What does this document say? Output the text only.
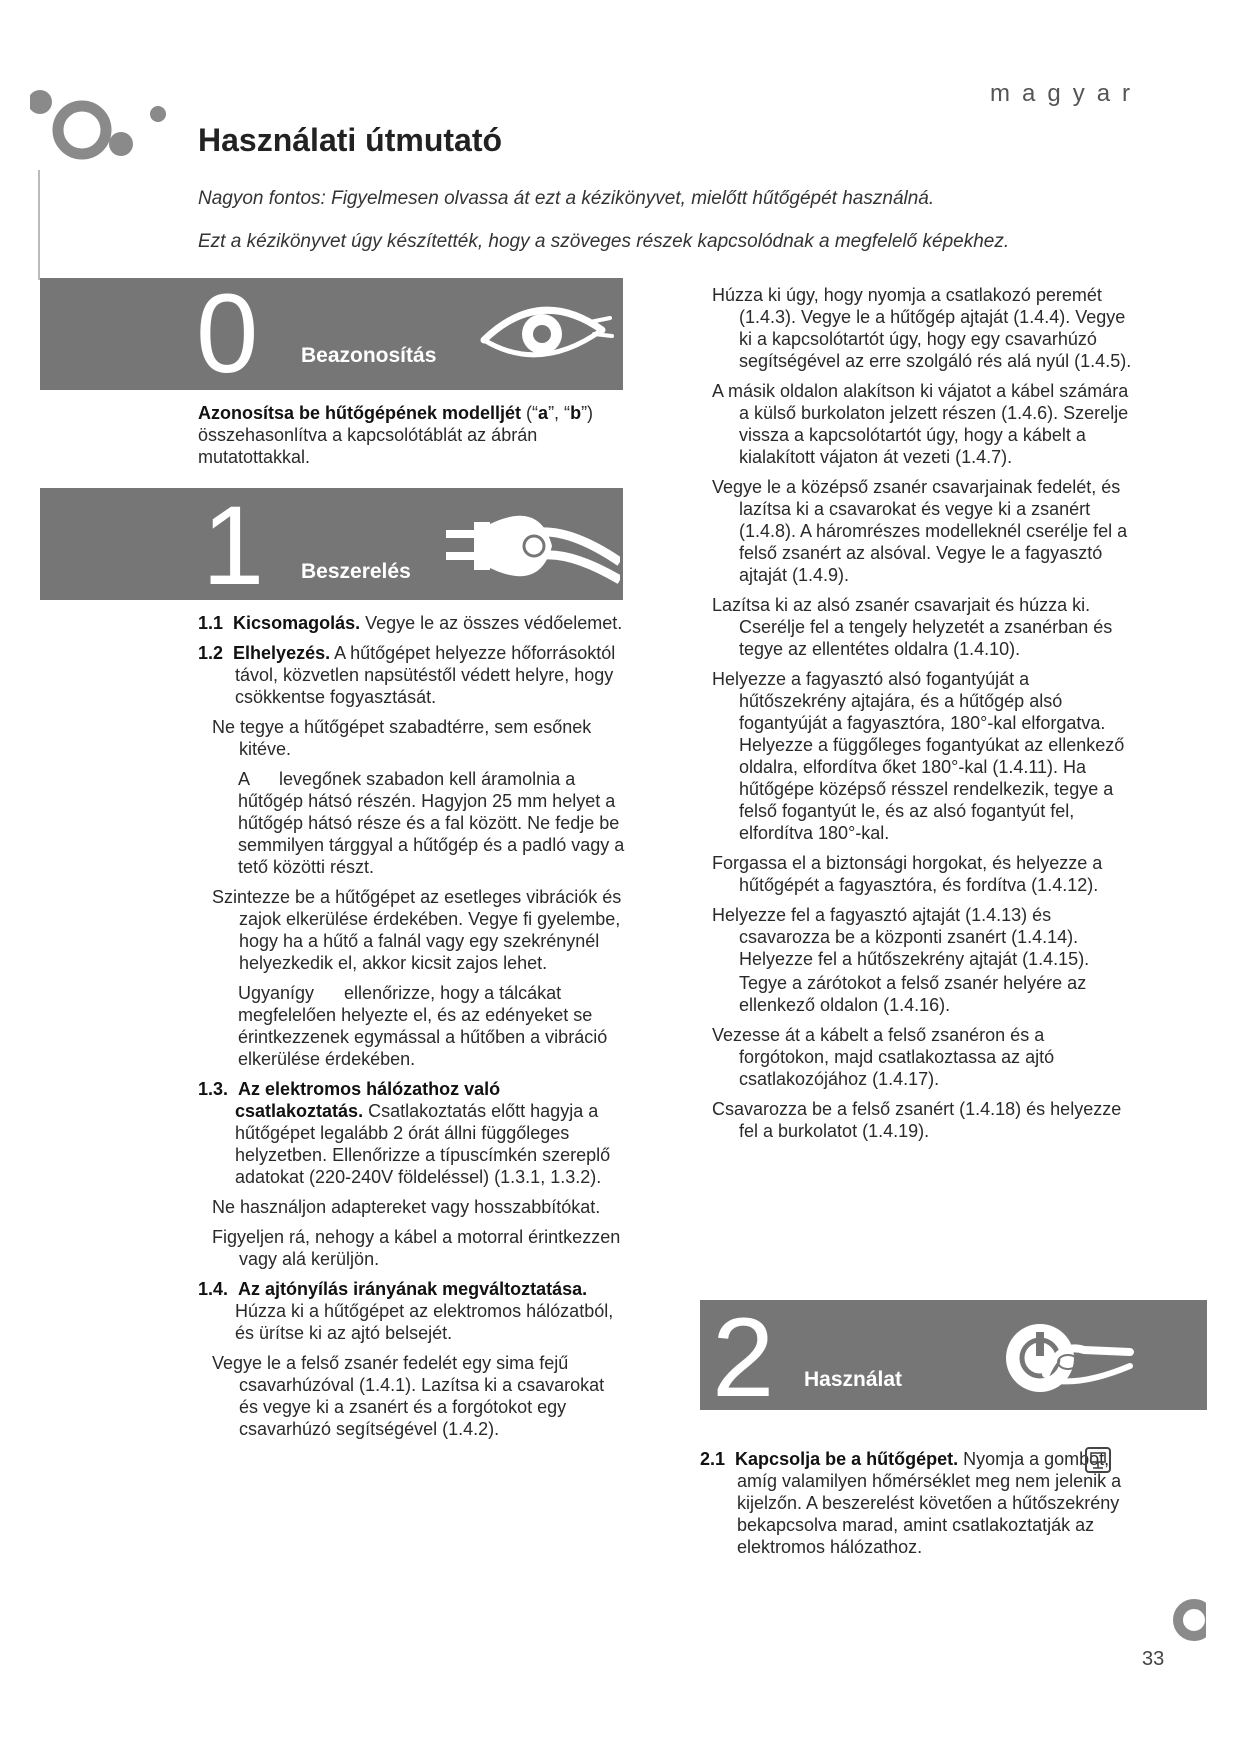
magyar
Használati útmutató
Nagyon fontos: Figyelmesen olvassa át ezt a kézikönyvet, mielőtt hűtőgépét használná.
Ezt a kézikönyvet úgy készítették, hogy a szöveges részek kapcsolódnak a megfelelő képekhez.
0 Beazonosítás
1 Beszerelés

Azonosítsa be hűtőgépének modelljét (“a”, “b”) összehasonlítva a kapcsolótáblát az ábrán mutatottakkal.

1.1 Kicsomagolás. Vegye le az összes védőelemet.

1.2 Elhelyezés. A hűtőgépet helyezze hőforrásoktól távol, közvetlen napsütéstől védett helyre, hogy csökkentse fogyasztását.

Ne tegye a hűtőgépet szabadtérre, sem esőnek kitéve.

A      levegőnek szabadon kell áramolnia a hűtőgép hátsó részén. Hagyjon 25 mm helyet a hűtőgép hátsó része és a fal között. Ne fedje be semmilyen tárggyal a hűtőgép és a padló vagy a tető közötti részt.

Szintezze be a hűtőgépet az esetleges vibrációk és zajok elkerülése érdekében. Vegye fi gyelembe, hogy ha a hűtő a falnál vagy egy szekrénynél helyezkedik el, akkor kicsit zajos lehet.

Ugyanígy      ellenőrizze, hogy a tálcákat megfelelően helyezte el, és az edényeket se érintkezzenek egymással a hűtőben a vibráció elkerülése érdekében.

1.3. Az elektromos hálózathoz való csatlakoztatás. Csatlakoztatás előtt hagyja a hűtőgépet legalább 2 órát állni függőleges helyzetben. Ellenőrizze a típuscímkén szereplő adatokat (220-240V földeléssel) (1.3.1, 1.3.2).

Ne használjon adaptereket vagy hosszabbítókat.

Figyeljen rá, nehogy a kábel a motorral érintkezzen vagy alá kerüljön.

1.4. Az ajtónyílás irányának megváltoztatása. Húzza ki a hűtőgépet az elektromos hálózatból, és ürítse ki az ajtó belsejét.

Vegye le a felső zsanér fedelét egy sima fejű csavarhúzóval (1.4.1). Lazítsa ki a csavarokat és vegye ki a zsanért és a forgótokot egy csavarhúzó segítségével (1.4.2).

Húzza ki úgy, hogy nyomja a csatlakozó peremét (1.4.3). Vegye le a hűtőgép ajtaját (1.4.4). Vegye ki a kapcsolótartót úgy, hogy egy csavarhúzó segítségével az erre szolgáló rés alá nyúl (1.4.5).

A másik oldalon alakítson ki vájatot a kábel számára a külső burkolaton jelzett részen (1.4.6). Szerelje vissza a kapcsolótartót úgy, hogy a kábelt a kialakított vájaton át vezeti (1.4.7).

Vegye le a középső zsanér csavarjainak fedelét, és lazítsa ki a csavarokat és vegye ki a zsanért (1.4.8). A háromrészes modelleknél cserélje fel a felső zsanért az alsóval. Vegye le a fagyasztó ajtaját (1.4.9).

Lazítsa ki az alsó zsanér csavarjait és húzza ki. Cserélje fel a tengely helyzetét a zsanérban és tegye az ellentétes oldalra (1.4.10).

Helyezze a fagyasztó alsó fogantyúját a hűtőszekrény ajtajára, és a hűtőgép alsó fogantyúját a fagyasztóra, 180°-kal elforgatva. Helyezze a függőleges fogantyúkat az ellenkező oldalra, elfordítva őket 180°-kal (1.4.11). Ha hűtőgépe középső résszel rendelkezik, tegye a felső fogantyút le, és az alsó fogantyút fel, elfordítva 180°-kal.

Forgassa el a biztonsági horgokat, és helyezze a hűtőgépét a fagyasztóra, és fordítva (1.4.12).

Helyezze fel a fagyasztó ajtaját (1.4.13) és csavarozza be a központi zsanért (1.4.14). Helyezze fel a hűtőszekrény ajtaját (1.4.15).

Tegye a zárótokot a felső zsanér helyére az ellenkező oldalon (1.4.16).

Vezesse át a kábelt a felső zsanéron és a forgótokon, majd csatlakoztassa az ajtó csatlakozójához (1.4.17).

Csavarozza be a felső zsanért (1.4.18) és helyezze fel a burkolatot (1.4.19).

2 Használat

2.1 Kapcsolja be a hűtőgépet. Nyomja a gombot, amíg valamilyen hőmérséklet meg nem jelenik a kijelzőn. A beszerelést követően a hűtőszekrény bekapcsolva marad, amint csatlakoztatják az elektromos hálózathoz.

33
